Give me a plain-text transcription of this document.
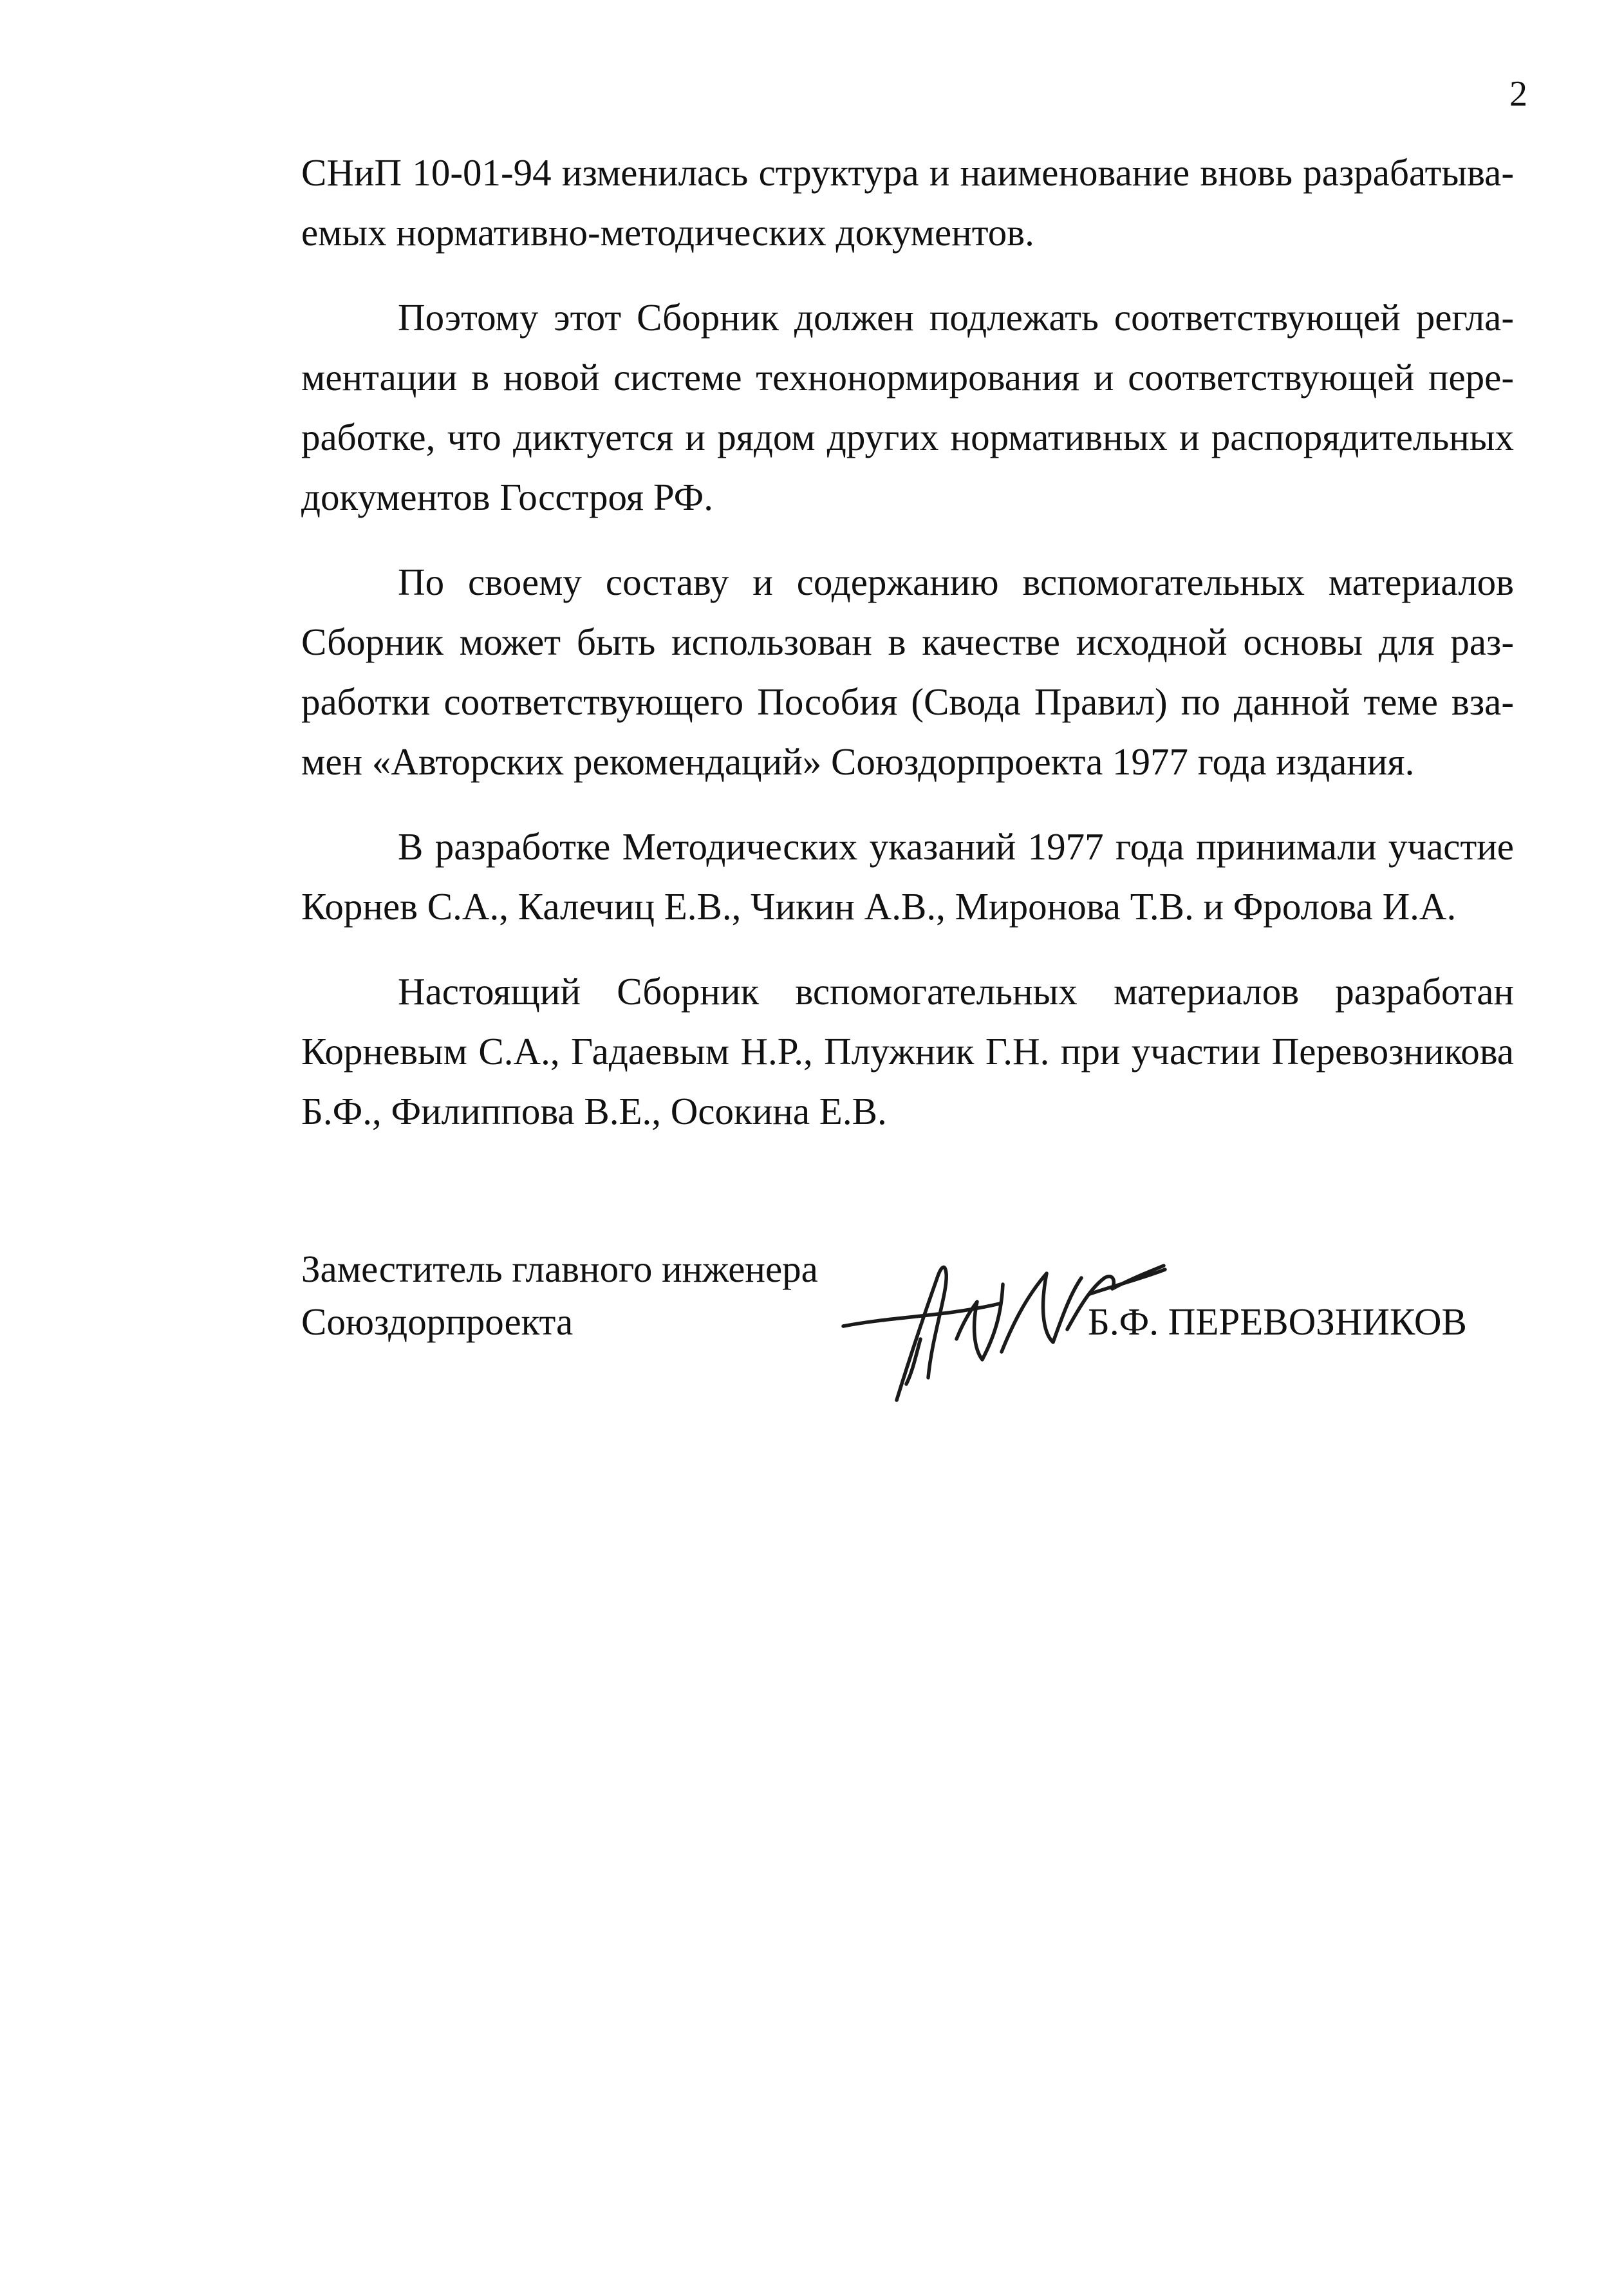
2

СНиП 10-01-94 изменилась структура и наименование вновь разрабатываемых нормативно-методических документов.

Поэтому этот Сборник должен подлежать соответствующей регламентации в новой системе технонормирования и соответствующей переработке, что диктуется и рядом других нормативных и распорядительных документов Госстроя РФ.

По своему составу и содержанию вспомогательных материалов Сборник может быть использован в качестве исходной основы для разработки соответствующего Пособия (Свода Правил) по данной теме взамен «Авторских рекомендаций» Союздорпроекта 1977 года издания.

В разработке Методических указаний 1977 года принимали участие Корнев С.А., Калечиц Е.В., Чикин А.В., Миронова Т.В. и Фролова И.А.

Настоящий Сборник вспомогательных материалов разработан Корневым С.А., Гадаевым Н.Р., Плужник Г.Н. при участии Перевозникова Б.Ф., Филиппова В.Е., Осокина Е.В.

Заместитель главного инженера
Союздорпроекта	Б.Ф. ПЕРЕВОЗНИКОВ
